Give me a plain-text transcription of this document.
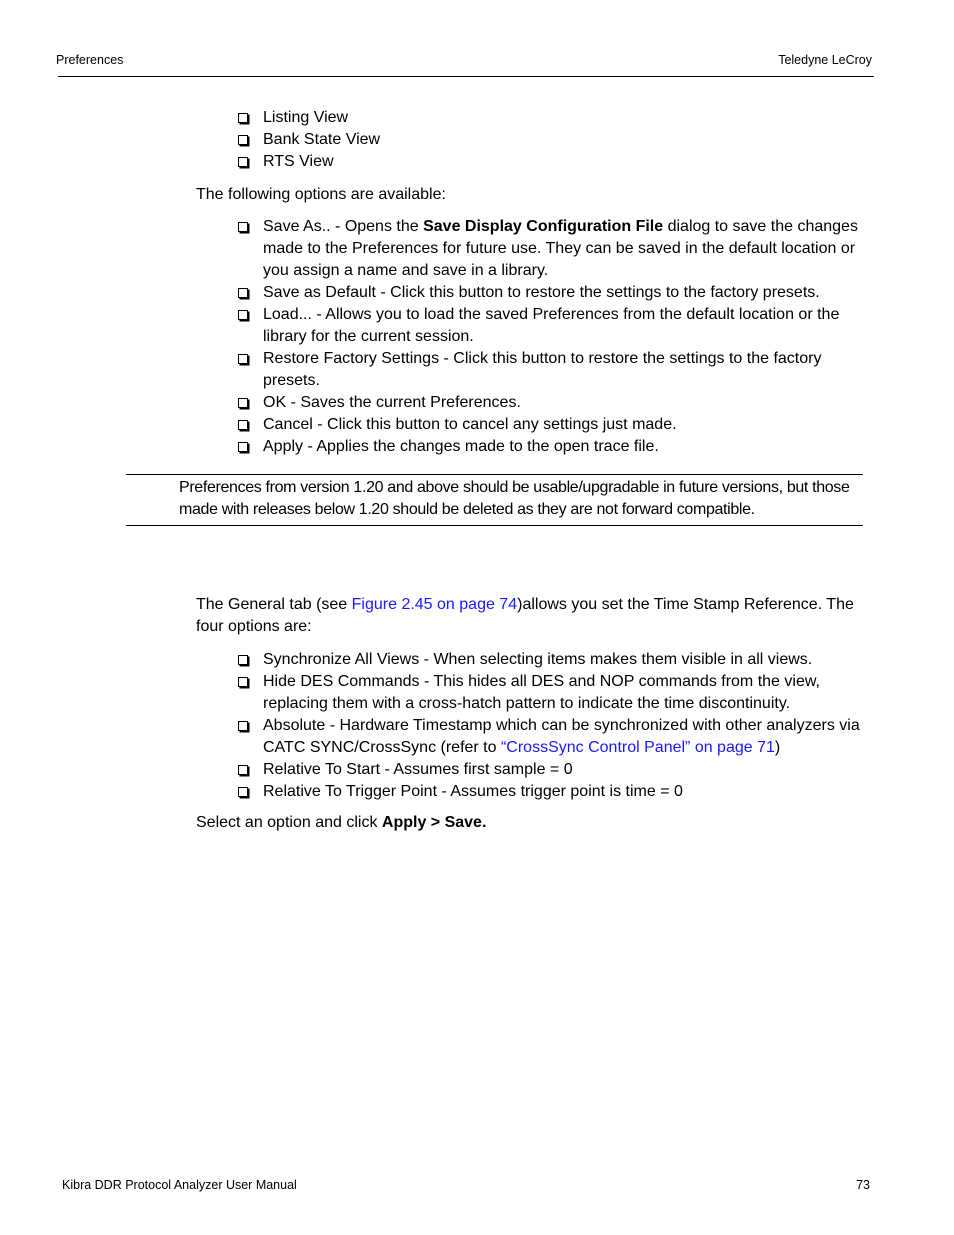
Preferences	Teledyne LeCroy
Listing View
Bank State View
RTS View
The following options are available:
Save As.. - Opens the Save Display Configuration File dialog to save the changes made to the Preferences for future use. They can be saved in the default location or you assign a name and save in a library.
Save as Default - Click this button to restore the settings to the factory presets.
Load... - Allows you to load the saved Preferences from the default location or the library for the current session.
Restore Factory Settings - Click this button to restore the settings to the factory presets.
OK - Saves the current Preferences.
Cancel - Click this button to cancel any settings just made.
Apply - Applies the changes made to the open trace file.
Preferences from version 1.20 and above should be usable/upgradable in future versions, but those made with releases below 1.20 should be deleted as they are not forward compatible.
The General tab (see Figure 2.45 on page 74)allows you set the Time Stamp Reference. The four options are:
Synchronize All Views - When selecting items makes them visible in all views.
Hide DES Commands - This hides all DES and NOP commands from the view, replacing them with a cross-hatch pattern to indicate the time discontinuity.
Absolute - Hardware Timestamp which can be synchronized with other analyzers via CATC SYNC/CrossSync (refer to “CrossSync Control Panel” on page 71)
Relative To Start - Assumes first sample = 0
Relative To Trigger Point - Assumes trigger point is time = 0
Select an option and click Apply > Save.
Kibra DDR Protocol Analyzer User Manual	73
